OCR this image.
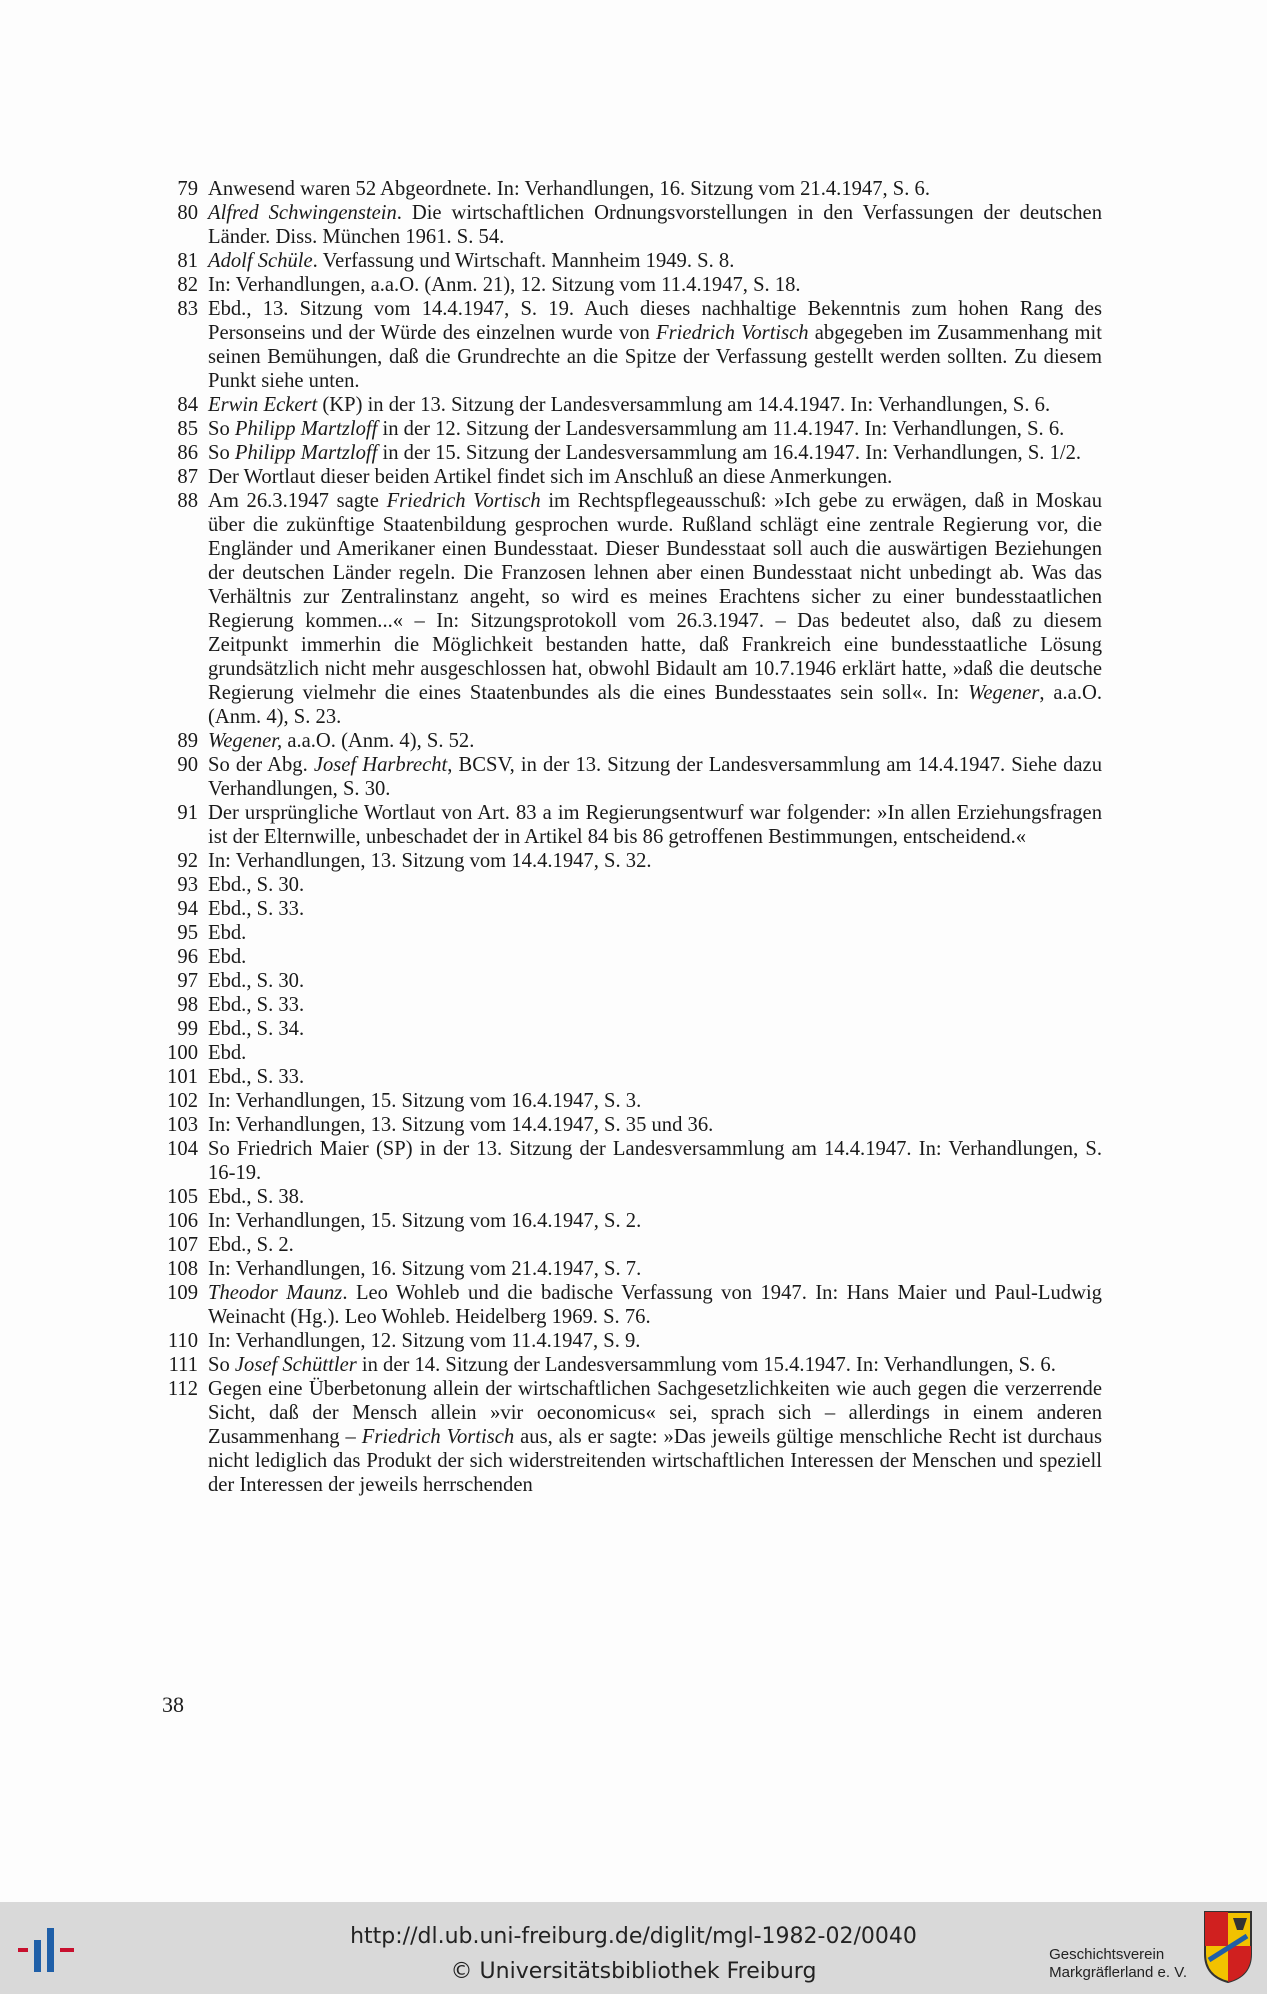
79 Anwesend waren 52 Abgeordnete. In: Verhandlungen, 16. Sitzung vom 21.4.1947, S. 6.
80 Alfred Schwingenstein. Die wirtschaftlichen Ordnungsvorstellungen in den Verfassungen der deutschen Länder. Diss. München 1961. S. 54.
81 Adolf Schüle. Verfassung und Wirtschaft. Mannheim 1949. S. 8.
82 In: Verhandlungen, a.a.O. (Anm. 21), 12. Sitzung vom 11.4.1947, S. 18.
83 Ebd., 13. Sitzung vom 14.4.1947, S. 19. Auch dieses nachhaltige Bekenntnis zum hohen Rang des Personseins und der Würde des einzelnen wurde von Friedrich Vortisch abgegeben im Zusammenhang mit seinen Bemühungen, daß die Grundrechte an die Spitze der Verfassung gestellt werden sollten. Zu diesem Punkt siehe unten.
84 Erwin Eckert (KP) in der 13. Sitzung der Landesversammlung am 14.4.1947. In: Verhandlungen, S. 6.
85 So Philipp Martzloff in der 12. Sitzung der Landesversammlung am 11.4.1947. In: Verhandlungen, S. 6.
86 So Philipp Martzloff in der 15. Sitzung der Landesversammlung am 16.4.1947. In: Verhandlungen, S. 1/2.
87 Der Wortlaut dieser beiden Artikel findet sich im Anschluß an diese Anmerkungen.
88 Am 26.3.1947 sagte Friedrich Vortisch im Rechtspflegeausschuß: »Ich gebe zu erwägen, daß in Moskau über die zukünftige Staatenbildung gesprochen wurde. Rußland schlägt eine zentrale Regierung vor, die Engländer und Amerikaner einen Bundesstaat. Dieser Bundesstaat soll auch die auswärtigen Beziehungen der deutschen Länder regeln. Die Franzosen lehnen aber einen Bundesstaat nicht unbedingt ab. Was das Verhältnis zur Zentralinstanz angeht, so wird es meines Erachtens sicher zu einer bundesstaatlichen Regierung kommen...« – In: Sitzungsprotokoll vom 26.3.1947. – Das bedeutet also, daß zu diesem Zeitpunkt immerhin die Möglichkeit bestanden hatte, daß Frankreich eine bundesstaatliche Lösung grundsätzlich nicht mehr ausgeschlossen hat, obwohl Bidault am 10.7.1946 erklärt hatte, »daß die deutsche Regierung vielmehr die eines Staatenbundes als die eines Bundesstaates sein soll«. In: Wegener, a.a.O. (Anm. 4), S. 23.
89 Wegener, a.a.O. (Anm. 4), S. 52.
90 So der Abg. Josef Harbrecht, BCSV, in der 13. Sitzung der Landesversammlung am 14.4.1947. Siehe dazu Verhandlungen, S. 30.
91 Der ursprüngliche Wortlaut von Art. 83 a im Regierungsentwurf war folgender: »In allen Erziehungsfragen ist der Elternwille, unbeschadet der in Artikel 84 bis 86 getroffenen Bestimmungen, entscheidend.«
92 In: Verhandlungen, 13. Sitzung vom 14.4.1947, S. 32.
93 Ebd., S. 30.
94 Ebd., S. 33.
95 Ebd.
96 Ebd.
97 Ebd., S. 30.
98 Ebd., S. 33.
99 Ebd., S. 34.
100 Ebd.
101 Ebd., S. 33.
102 In: Verhandlungen, 15. Sitzung vom 16.4.1947, S. 3.
103 In: Verhandlungen, 13. Sitzung vom 14.4.1947, S. 35 und 36.
104 So Friedrich Maier (SP) in der 13. Sitzung der Landesversammlung am 14.4.1947. In: Verhandlungen, S. 16-19.
105 Ebd., S. 38.
106 In: Verhandlungen, 15. Sitzung vom 16.4.1947, S. 2.
107 Ebd., S. 2.
108 In: Verhandlungen, 16. Sitzung vom 21.4.1947, S. 7.
109 Theodor Maunz. Leo Wohleb und die badische Verfassung von 1947. In: Hans Maier und Paul-Ludwig Weinacht (Hg.). Leo Wohleb. Heidelberg 1969. S. 76.
110 In: Verhandlungen, 12. Sitzung vom 11.4.1947, S. 9.
111 So Josef Schüttler in der 14. Sitzung der Landesversammlung vom 15.4.1947. In: Verhandlungen, S. 6.
112 Gegen eine Überbetonung allein der wirtschaftlichen Sachgesetzlichkeiten wie auch gegen die verzerrende Sicht, daß der Mensch allein »vir oeconomicus« sei, sprach sich – allerdings in einem anderen Zusammenhang – Friedrich Vortisch aus, als er sagte: »Das jeweils gültige menschliche Recht ist durchaus nicht lediglich das Produkt der sich widerstreitenden wirtschaftlichen Interessen der Menschen und speziell der Interessen der jeweils herrschenden
38
http://dl.ub.uni-freiburg.de/diglit/mgl-1982-02/0040
© Universitätsbibliothek Freiburg
Geschichtsverein
Markgräflerland e. V.
